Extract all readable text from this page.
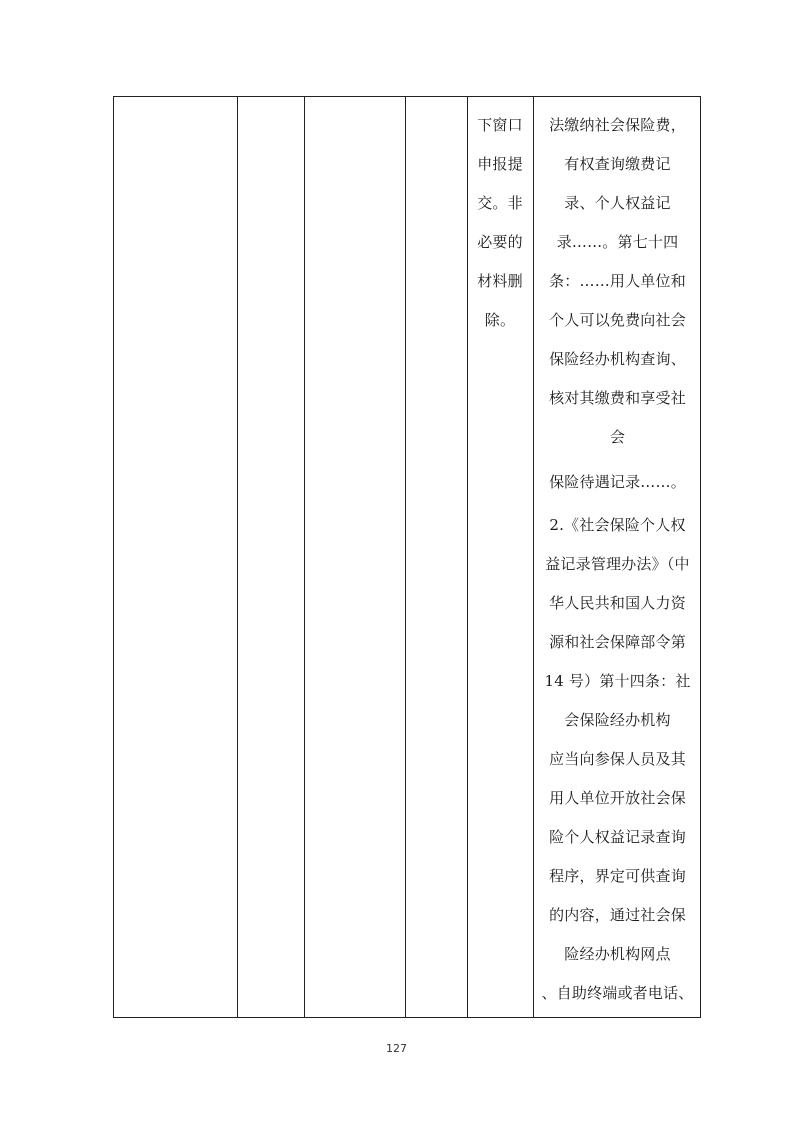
下窗口
申报提
交。非
必要的
材料删
除。
法缴纳社会保险费，
有权查询缴费记
录、个人权益记
录……。第七十四
条：……用人单位和
个人可以免费向社会
保险经办机构查询、
核对其缴费和享受社
会
保险待遇记录……。
2.《社会保险个人权
益记录管理办法》（中
华人民共和国人力资
源和社会保障部令第
14 号）第十四条：社
会保险经办机构
应当向参保人员及其
用人单位开放社会保
险个人权益记录查询
程序，界定可供查询
的内容，通过社会保
险经办机构网点
、自助终端或者电话、
127
